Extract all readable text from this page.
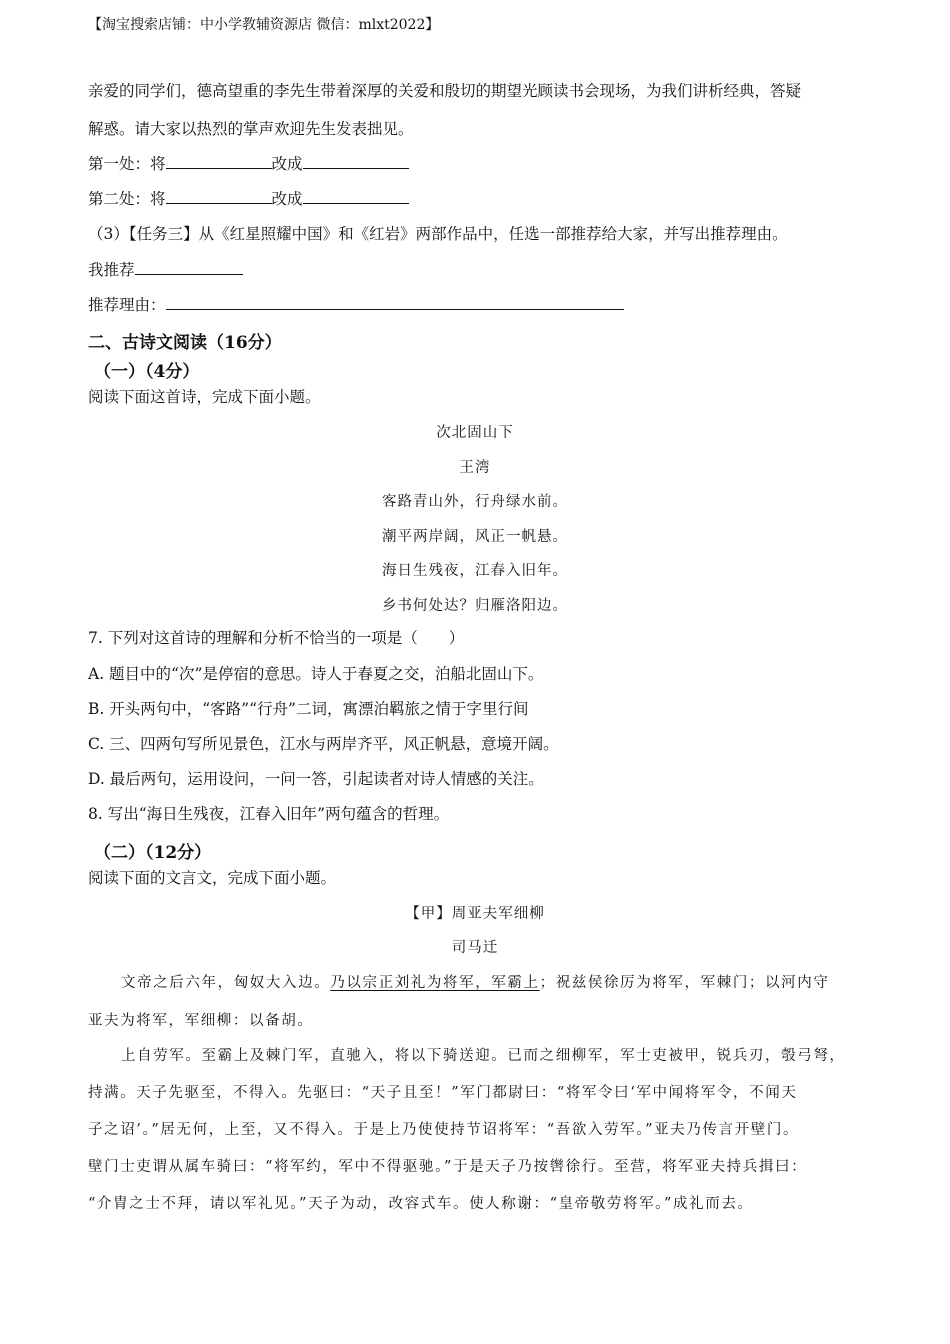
【淘宝搜索店铺：中小学教辅资源店 微信：mlxt2022】
亲爱的同学们，德高望重的李先生带着深厚的关爱和殷切的期望光顾读书会现场，为我们讲析经典，答疑
解惑。请大家以热烈的掌声欢迎先生发表拙见。
第一处：将	改成
第二处：将	改成
（3）【任务三】从《红星照耀中国》和《红岩》两部作品中，任选一部推荐给大家，并写出推荐理由。
我推荐
推荐理由：
二、古诗文阅读（16分）
（一）（4分）
阅读下面这首诗，完成下面小题。
次北固山下
王湾
客路青山外，行舟绿水前。
潮平两岸阔，风正一帆悬。
海日生残夜，江春入旧年。
乡书何处达？归雁洛阳边。
7. 下列对这首诗的理解和分析不恰当的一项是（　　）
A. 题目中的“次”是停宿的意思。诗人于春夏之交，泊船北固山下。
B. 开头两句中，“客路”“行舟”二词，寓漂泊羁旅之情于字里行间
C. 三、四两句写所见景色，江水与两岸齐平，风正帆悬，意境开阔。
D. 最后两句，运用设问，一问一答，引起读者对诗人情感的关注。
8. 写出“海日生残夜，江春入旧年”两句蕴含的哲理。
（二）（12分）
阅读下面的文言文，完成下面小题。
【甲】周亚夫军细柳
司马迁
文帝之后六年，匈奴大入边。乃以宗正刘礼为将军，军霸上；祝兹侯徐厉为将军，军棘门；以河内守
亚夫为将军，军细柳：以备胡。
上自劳军。至霸上及棘门军，直驰入，将以下骑送迎。已而之细柳军，军士吏被甲，锐兵刃，彀弓弩，
持满。天子先驱至，不得入。先驱曰：“天子且至！”军门都尉曰：“将军令曰‘军中闻将军令，不闻天
子之诏’。”居无何，上至，又不得入。于是上乃使使持节诏将军：“吾欲入劳军。”亚夫乃传言开壁门。
壁门士吏谓从属车骑曰：“将军约，军中不得驱驰。”于是天子乃按辔徐行。至营，将军亚夫持兵揖曰：
“介胄之士不拜，请以军礼见。”天子为动，改容式车。使人称谢：“皇帝敬劳将军。”成礼而去。
